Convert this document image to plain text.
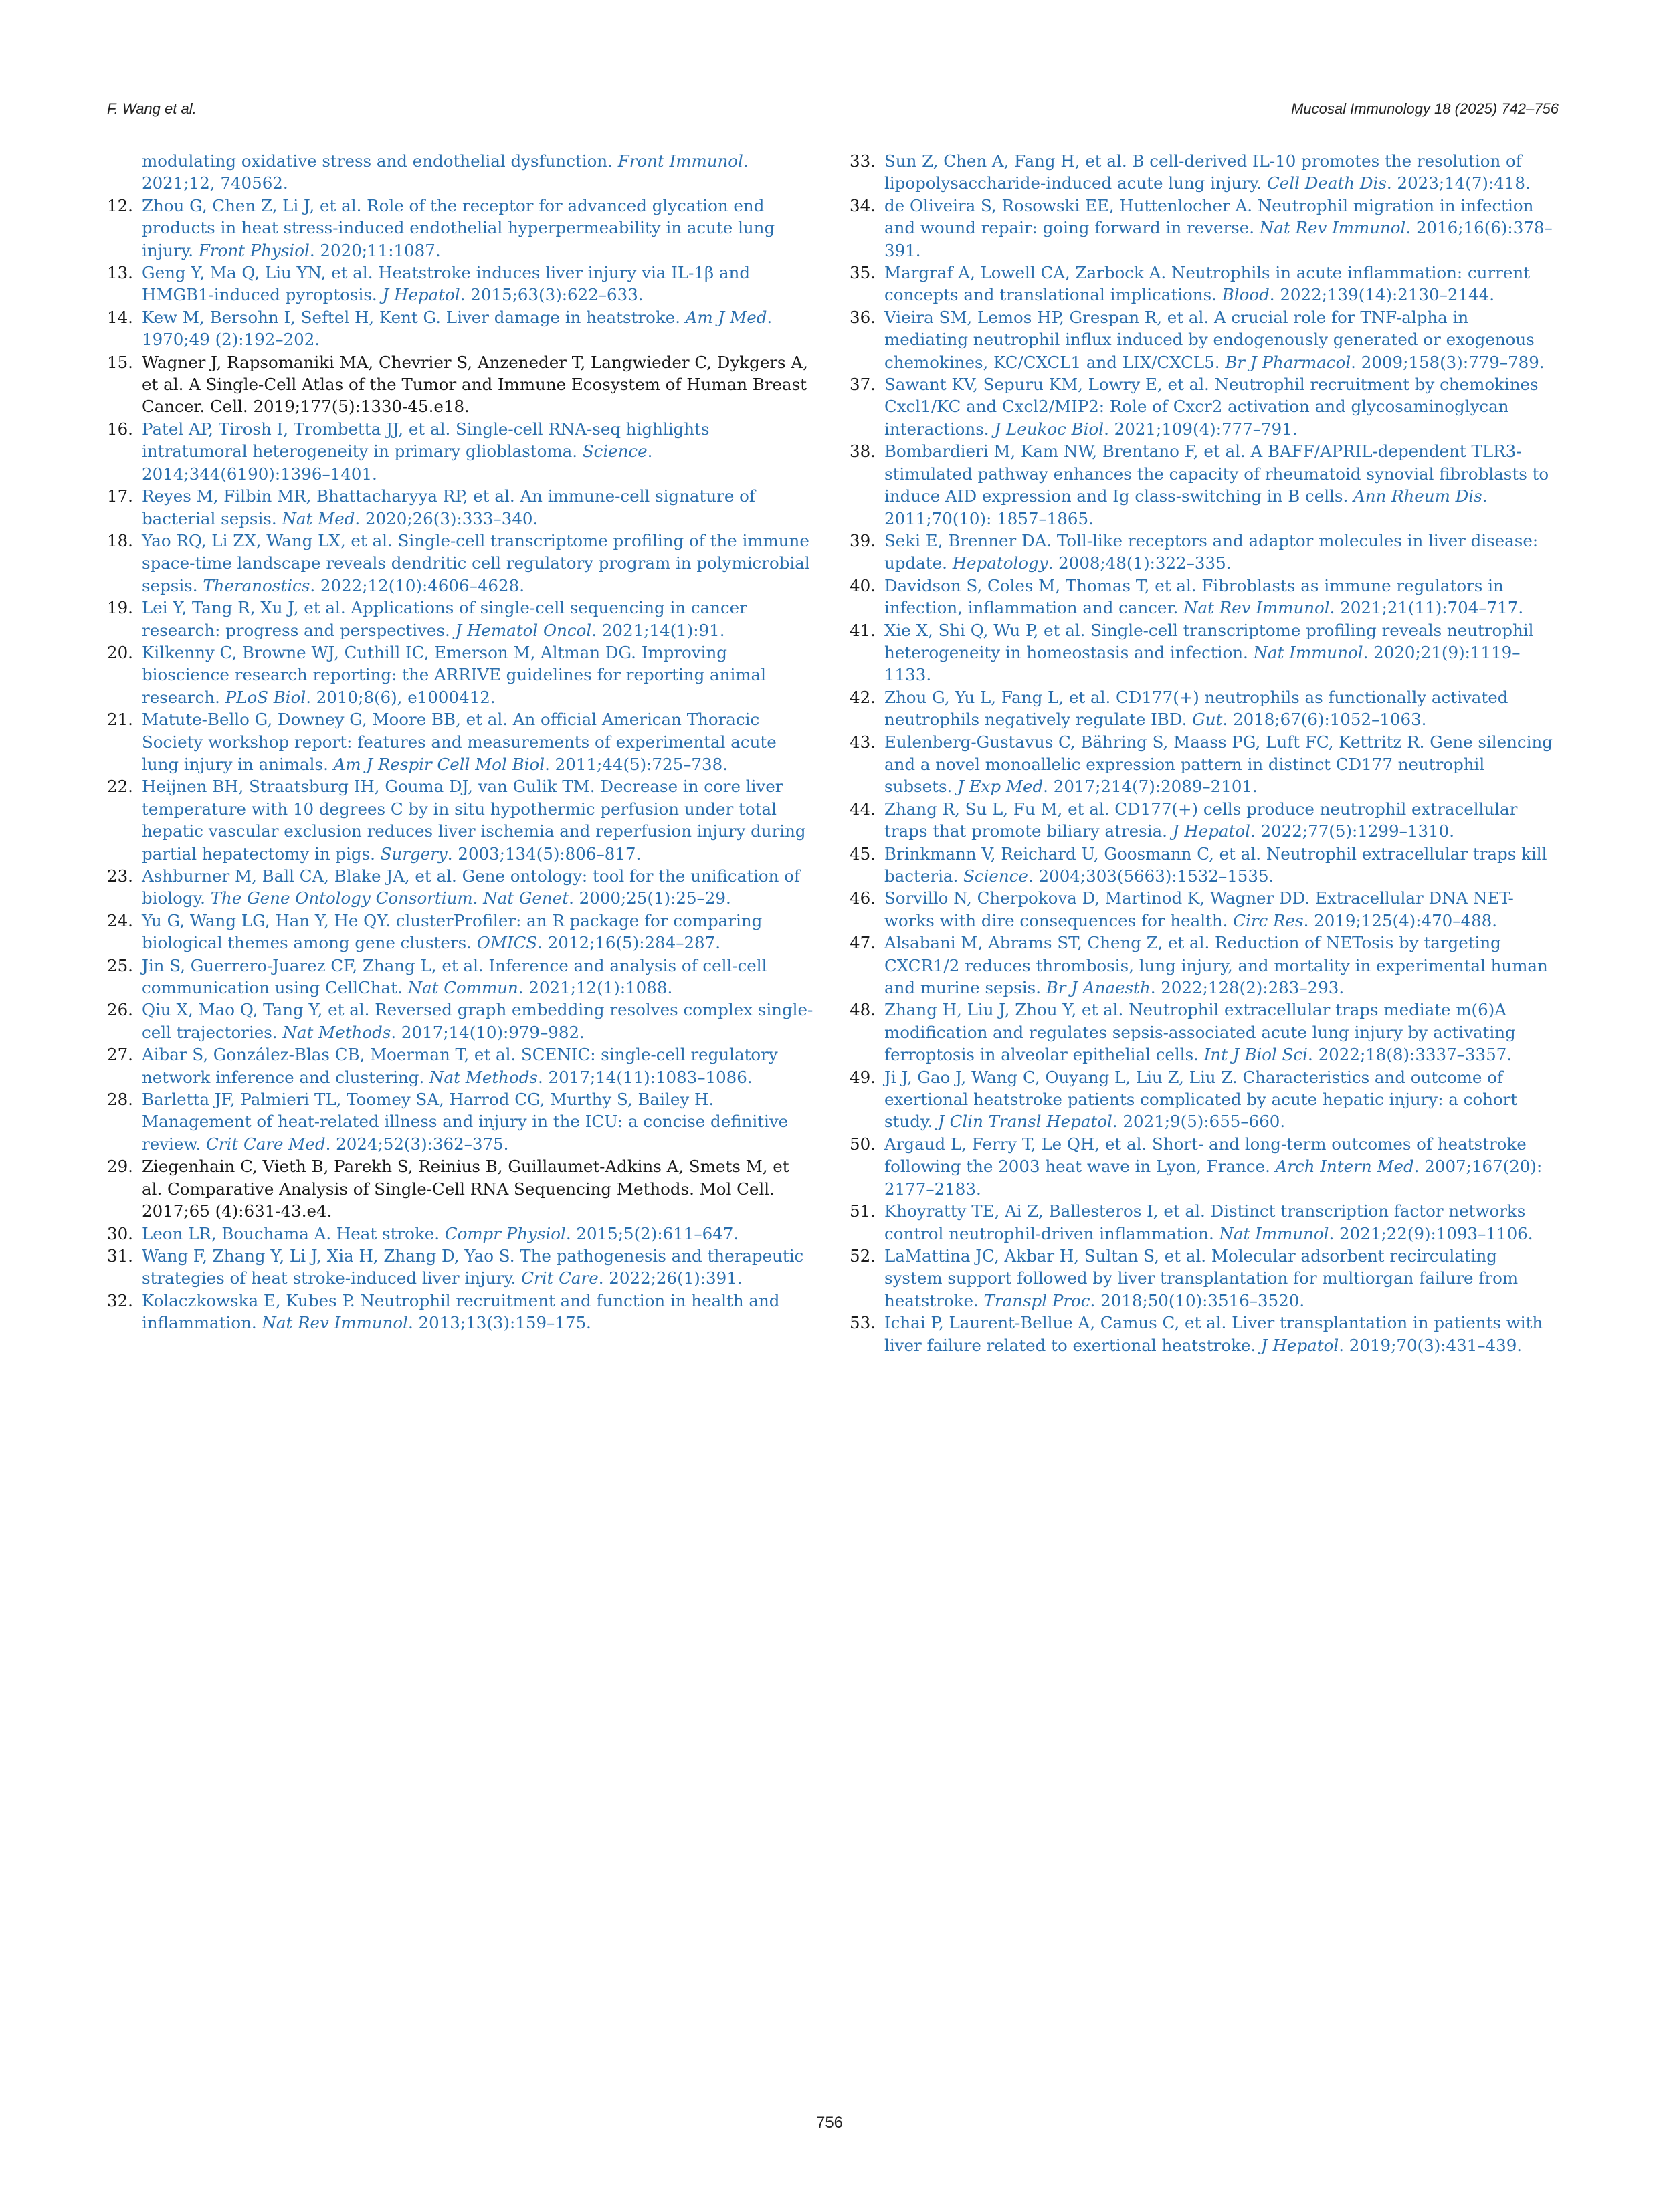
F. Wang et al.	Mucosal Immunology 18 (2025) 742–756
modulating oxidative stress and endothelial dysfunction. Front Immunol. 2021;12, 740562.
12. Zhou G, Chen Z, Li J, et al. Role of the receptor for advanced glycation end products in heat stress-induced endothelial hyperpermeability in acute lung injury. Front Physiol. 2020;11:1087.
13. Geng Y, Ma Q, Liu YN, et al. Heatstroke induces liver injury via IL-1β and HMGB1-induced pyroptosis. J Hepatol. 2015;63(3):622–633.
14. Kew M, Bersohn I, Seftel H, Kent G. Liver damage in heatstroke. Am J Med. 1970;49 (2):192–202.
15. Wagner J, Rapsomaniki MA, Chevrier S, Anzeneder T, Langwieder C, Dykgers A, et al. A Single-Cell Atlas of the Tumor and Immune Ecosystem of Human Breast Cancer. Cell. 2019;177(5):1330-45.e18.
16. Patel AP, Tirosh I, Trombetta JJ, et al. Single-cell RNA-seq highlights intratumoral heterogeneity in primary glioblastoma. Science. 2014;344(6190):1396–1401.
17. Reyes M, Filbin MR, Bhattacharyya RP, et al. An immune-cell signature of bacterial sepsis. Nat Med. 2020;26(3):333–340.
18. Yao RQ, Li ZX, Wang LX, et al. Single-cell transcriptome profiling of the immune space-time landscape reveals dendritic cell regulatory program in polymicrobial sepsis. Theranostics. 2022;12(10):4606–4628.
19. Lei Y, Tang R, Xu J, et al. Applications of single-cell sequencing in cancer research: progress and perspectives. J Hematol Oncol. 2021;14(1):91.
20. Kilkenny C, Browne WJ, Cuthill IC, Emerson M, Altman DG. Improving bioscience research reporting: the ARRIVE guidelines for reporting animal research. PLoS Biol. 2010;8(6), e1000412.
21. Matute-Bello G, Downey G, Moore BB, et al. An official American Thoracic Society workshop report: features and measurements of experimental acute lung injury in animals. Am J Respir Cell Mol Biol. 2011;44(5):725–738.
22. Heijnen BH, Straatsburg IH, Gouma DJ, van Gulik TM. Decrease in core liver temperature with 10 degrees C by in situ hypothermic perfusion under total hepatic vascular exclusion reduces liver ischemia and reperfusion injury during partial hepatectomy in pigs. Surgery. 2003;134(5):806–817.
23. Ashburner M, Ball CA, Blake JA, et al. Gene ontology: tool for the unification of biology. The Gene Ontology Consortium. Nat Genet. 2000;25(1):25–29.
24. Yu G, Wang LG, Han Y, He QY. clusterProfiler: an R package for comparing biological themes among gene clusters. OMICS. 2012;16(5):284–287.
25. Jin S, Guerrero-Juarez CF, Zhang L, et al. Inference and analysis of cell-cell communication using CellChat. Nat Commun. 2021;12(1):1088.
26. Qiu X, Mao Q, Tang Y, et al. Reversed graph embedding resolves complex single-cell trajectories. Nat Methods. 2017;14(10):979–982.
27. Aibar S, González-Blas CB, Moerman T, et al. SCENIC: single-cell regulatory network inference and clustering. Nat Methods. 2017;14(11):1083–1086.
28. Barletta JF, Palmieri TL, Toomey SA, Harrod CG, Murthy S, Bailey H. Management of heat-related illness and injury in the ICU: a concise definitive review. Crit Care Med. 2024;52(3):362–375.
29. Ziegenhain C, Vieth B, Parekh S, Reinius B, Guillaumet-Adkins A, Smets M, et al. Comparative Analysis of Single-Cell RNA Sequencing Methods. Mol Cell. 2017;65 (4):631-43.e4.
30. Leon LR, Bouchama A. Heat stroke. Compr Physiol. 2015;5(2):611–647.
31. Wang F, Zhang Y, Li J, Xia H, Zhang D, Yao S. The pathogenesis and therapeutic strategies of heat stroke-induced liver injury. Crit Care. 2022;26(1):391.
32. Kolaczkowska E, Kubes P. Neutrophil recruitment and function in health and inflammation. Nat Rev Immunol. 2013;13(3):159–175.
33. Sun Z, Chen A, Fang H, et al. B cell-derived IL-10 promotes the resolution of lipopolysaccharide-induced acute lung injury. Cell Death Dis. 2023;14(7):418.
34. de Oliveira S, Rosowski EE, Huttenlocher A. Neutrophil migration in infection and wound repair: going forward in reverse. Nat Rev Immunol. 2016;16(6):378–391.
35. Margraf A, Lowell CA, Zarbock A. Neutrophils in acute inflammation: current concepts and translational implications. Blood. 2022;139(14):2130–2144.
36. Vieira SM, Lemos HP, Grespan R, et al. A crucial role for TNF-alpha in mediating neutrophil influx induced by endogenously generated or exogenous chemokines, KC/CXCL1 and LIX/CXCL5. Br J Pharmacol. 2009;158(3):779–789.
37. Sawant KV, Sepuru KM, Lowry E, et al. Neutrophil recruitment by chemokines Cxcl1/KC and Cxcl2/MIP2: Role of Cxcr2 activation and glycosaminoglycan interactions. J Leukoc Biol. 2021;109(4):777–791.
38. Bombardieri M, Kam NW, Brentano F, et al. A BAFF/APRIL-dependent TLR3-stimulated pathway enhances the capacity of rheumatoid synovial fibroblasts to induce AID expression and Ig class-switching in B cells. Ann Rheum Dis. 2011;70(10): 1857–1865.
39. Seki E, Brenner DA. Toll-like receptors and adaptor molecules in liver disease: update. Hepatology. 2008;48(1):322–335.
40. Davidson S, Coles M, Thomas T, et al. Fibroblasts as immune regulators in infection, inflammation and cancer. Nat Rev Immunol. 2021;21(11):704–717.
41. Xie X, Shi Q, Wu P, et al. Single-cell transcriptome profiling reveals neutrophil heterogeneity in homeostasis and infection. Nat Immunol. 2020;21(9):1119–1133.
42. Zhou G, Yu L, Fang L, et al. CD177(+) neutrophils as functionally activated neutrophils negatively regulate IBD. Gut. 2018;67(6):1052–1063.
43. Eulenberg-Gustavus C, Bähring S, Maass PG, Luft FC, Kettritz R. Gene silencing and a novel monoallelic expression pattern in distinct CD177 neutrophil subsets. J Exp Med. 2017;214(7):2089–2101.
44. Zhang R, Su L, Fu M, et al. CD177(+) cells produce neutrophil extracellular traps that promote biliary atresia. J Hepatol. 2022;77(5):1299–1310.
45. Brinkmann V, Reichard U, Goosmann C, et al. Neutrophil extracellular traps kill bacteria. Science. 2004;303(5663):1532–1535.
46. Sorvillo N, Cherpokova D, Martinod K, Wagner DD. Extracellular DNA NET-works with dire consequences for health. Circ Res. 2019;125(4):470–488.
47. Alsabani M, Abrams ST, Cheng Z, et al. Reduction of NETosis by targeting CXCR1/2 reduces thrombosis, lung injury, and mortality in experimental human and murine sepsis. Br J Anaesth. 2022;128(2):283–293.
48. Zhang H, Liu J, Zhou Y, et al. Neutrophil extracellular traps mediate m(6)A modification and regulates sepsis-associated acute lung injury by activating ferroptosis in alveolar epithelial cells. Int J Biol Sci. 2022;18(8):3337–3357.
49. Ji J, Gao J, Wang C, Ouyang L, Liu Z, Liu Z. Characteristics and outcome of exertional heatstroke patients complicated by acute hepatic injury: a cohort study. J Clin Transl Hepatol. 2021;9(5):655–660.
50. Argaud L, Ferry T, Le QH, et al. Short- and long-term outcomes of heatstroke following the 2003 heat wave in Lyon, France. Arch Intern Med. 2007;167(20): 2177–2183.
51. Khoyratty TE, Ai Z, Ballesteros I, et al. Distinct transcription factor networks control neutrophil-driven inflammation. Nat Immunol. 2021;22(9):1093–1106.
52. LaMattina JC, Akbar H, Sultan S, et al. Molecular adsorbent recirculating system support followed by liver transplantation for multiorgan failure from heatstroke. Transpl Proc. 2018;50(10):3516–3520.
53. Ichai P, Laurent-Bellue A, Camus C, et al. Liver transplantation in patients with liver failure related to exertional heatstroke. J Hepatol. 2019;70(3):431–439.
756
